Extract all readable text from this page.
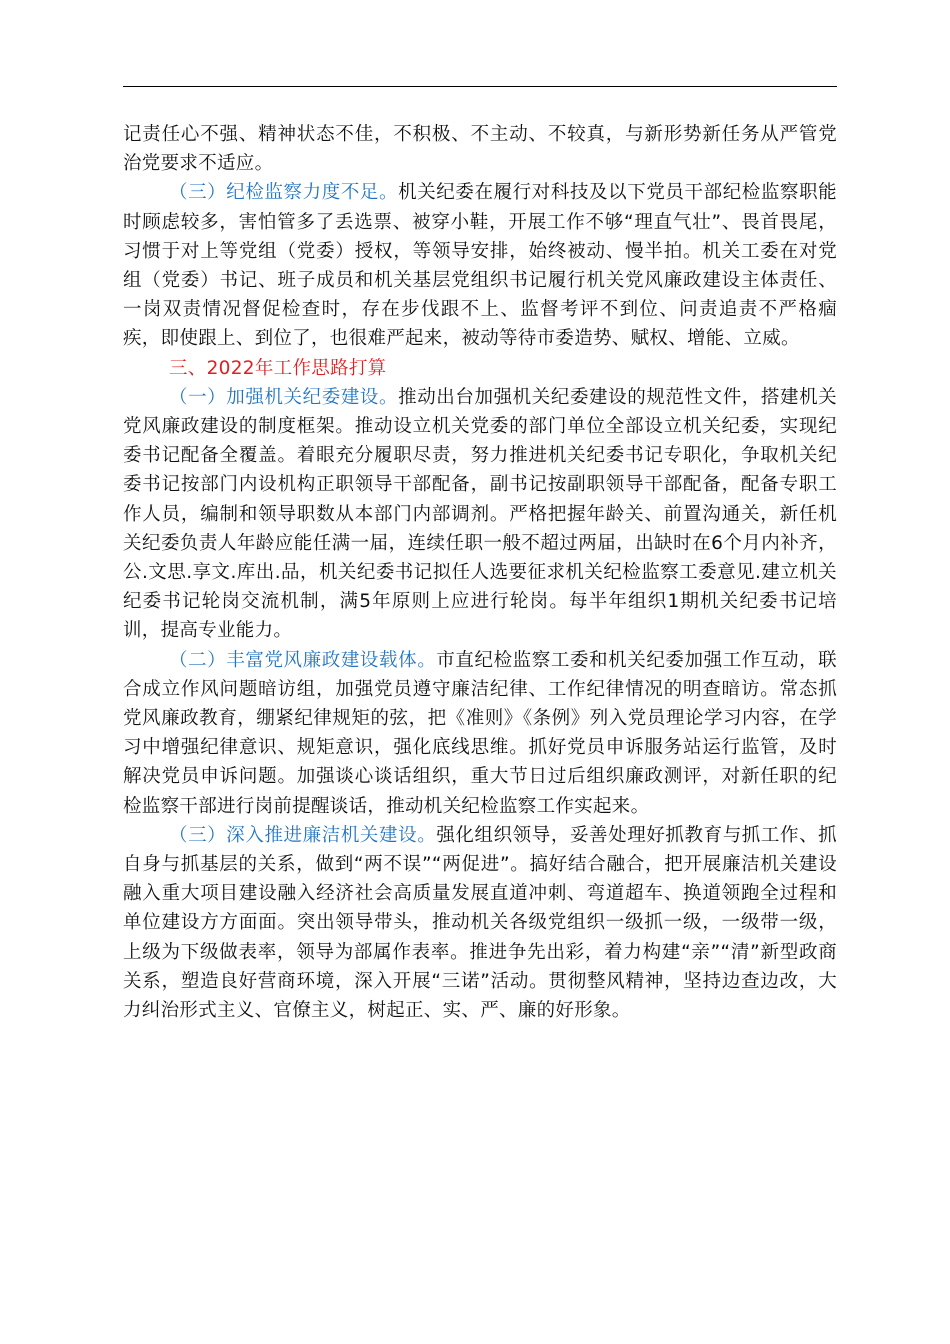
记责任心不强、精神状态不佳，不积极、不主动、不较真，与新形势新任务从严管党治党要求不适应。

（三）纪检监察力度不足。机关纪委在履行对科技及以下党员干部纪检监察职能时顾虑较多，害怕管多了丢选票、被穿小鞋，开展工作不够“理直气壮”、畏首畏尾，习惯于对上等党组（党委）授权，等领导安排，始终被动、慢半拍。机关工委在对党组（党委）书记、班子成员和机关基层党组织书记履行机关党风廉政建设主体责任、一岗双责情况督促检查时，存在步伐跟不上、监督考评不到位、问责追责不严格痼疾，即使跟上、到位了，也很难严起来，被动等待市委造势、赋权、增能、立威。

三、2022年工作思路打算

（一）加强机关纪委建设。推动出台加强机关纪委建设的规范性文件，搭建机关党风廉政建设的制度框架。推动设立机关党委的部门单位全部设立机关纪委，实现纪委书记配备全覆盖。着眼充分履职尽责，努力推进机关纪委书记专职化，争取机关纪委书记按部门内设机构正职领导干部配备，副书记按副职领导干部配备，配备专职工作人员，编制和领导职数从本部门内部调剂。严格把握年龄关、前置沟通关，新任机关纪委负责人年龄应能任满一届，连续任职一般不超过两届，出缺时在6个月内补齐，公.文思.享文.库出.品，机关纪委书记拟任人选要征求机关纪检监察工委意见.建立机关纪委书记轮岗交流机制，满5年原则上应进行轮岗。每半年组织1期机关纪委书记培训，提高专业能力。

（二）丰富党风廉政建设载体。市直纪检监察工委和机关纪委加强工作互动，联合成立作风问题暗访组，加强党员遵守廉洁纪律、工作纪律情况的明查暗访。常态抓党风廉政教育，绷紧纪律规矩的弦，把《准则》《条例》列入党员理论学习内容，在学习中增强纪律意识、规矩意识，强化底线思维。抓好党员申诉服务站运行监管，及时解决党员申诉问题。加强谈心谈话组织，重大节日过后组织廉政测评，对新任职的纪检监察干部进行岗前提醒谈话，推动机关纪检监察工作实起来。

（三）深入推进廉洁机关建设。强化组织领导，妥善处理好抓教育与抓工作、抓自身与抓基层的关系，做到“两不误”“两促进”。搞好结合融合，把开展廉洁机关建设融入重大项目建设融入经济社会高质量发展直道冲刺、弯道超车、换道领跑全过程和单位建设方方面面。突出领导带头，推动机关各级党组织一级抓一级，一级带一级，上级为下级做表率，领导为部属作表率。推进争先出彩，着力构建“亲”“清”新型政商关系，塑造良好营商环境，深入开展“三诺”活动。贯彻整风精神，坚持边查边改，大力纠治形式主义、官僚主义，树起正、实、严、廉的好形象。
